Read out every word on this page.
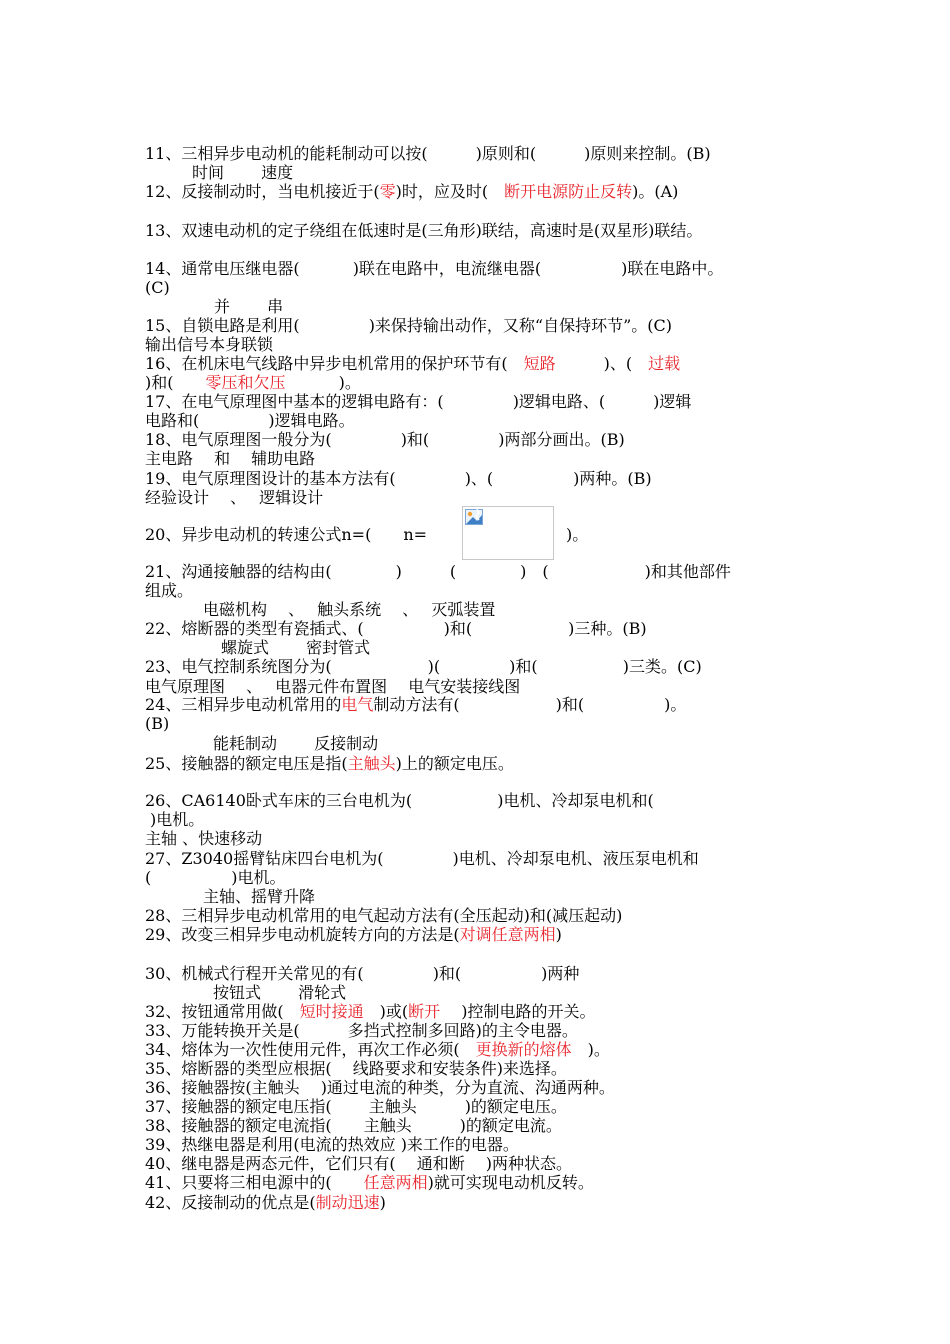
11、三相异步电动机的能耗制动可以按(　　　)原则和(　　　)原则来控制。(B)
时间　　 速度
12、反接制动时，当电机接近于(零)时，应及时(　断开电源防止反转)。(A)
13、双速电动机的定子绕组在低速时是(三角形)联结，高速时是(双星形)联结。
14、通常电压继电器(　　　 )联在电路中，电流继电器(　　　　　)联在电路中。
(C)
并　　 串
15、自锁电路是利用(　　　　 )来保持输出动作，又称“自保持环节”。(C)
输出信号本身联锁
16、在机床电气线路中异步电机常用的保护环节有(　短路　　　)、(　过载
)和(　　零压和欠压　　　 )。
17、在电气原理图中基本的逻辑电路有：(　　　　 )逻辑电路、(　　　)逻辑
电路和(　　　　 )逻辑电路。
18、电气原理图一般分为(　　　　 )和(　　　　 )两部分画出。(B)
主电路　 和　 辅助电路
19、电气原理图设计的基本方法有(　　　　 )、(　　　　　)两种。(B)
经验设计　 、　 逻辑设计
20、异步电动机的转速公式n=(　　n=	)。
21、沟通接触器的结构由(　　　　)　　　(　　　　)　(　　　　　　)和其他部件
组成。
电磁机构　 、　 触头系统　 、　 灭弧装置
22、熔断器的类型有瓷插式、(　　　　　)和(　　　　　　)三种。(B)
螺旋式　　 密封管式
23、电气控制系统图分为(　　　　　　)(　　　　 )和(　　　　　 )三类。(C)
电气原理图　 、　 电器元件布置图　 电气安装接线图
24、三相异步电动机常用的电气制动方法有(　　　　　　)和(　　　　　)。
(B)
能耗制动　　 反接制动
25、接触器的额定电压是指(主触头)上的额定电压。
26、CA6140卧式车床的三台电机为(　　　　　 )电机、冷却泵电机和(
)电机。
主轴 、快速移动
27、Z3040摇臂钻床四台电机为(　　　　 )电机、冷却泵电机、液压泵电机和
(　　　　　)电机。
主轴、摇臂升降
28、三相异步电动机常用的电气起动方法有(全压起动)和(减压起动)
29、改变三相异步电动机旋转方向的方法是(对调任意两相)
30、机械式行程开关常见的有(　　　　 )和(　　　　　)两种
按钮式　　 滑轮式
32、按钮通常用做(　短时接通　)或(断开　 )控制电路的开关。
33、万能转换开关是(　　　多挡式控制多回路)的主令电器。
34、熔体为一次性使用元件，再次工作必须(　更换新的熔体　)。
35、熔断器的类型应根据(　 线路要求和安装条件)来选择。
36、接触器按(主触头　 )通过电流的种类，分为直流、沟通两种。
37、接触器的额定电压指(　　 主触头　　　)的额定电压。
38、接触器的额定电流指(　　主触头　　　)的额定电流。
39、热继电器是利用(电流的热效应 )来工作的电器。
40、继电器是两态元件，它们只有(　 通和断　 )两种状态。
41、只要将三相电源中的(　　任意两相)就可实现电动机反转。
42、反接制动的优点是(制动迅速)
